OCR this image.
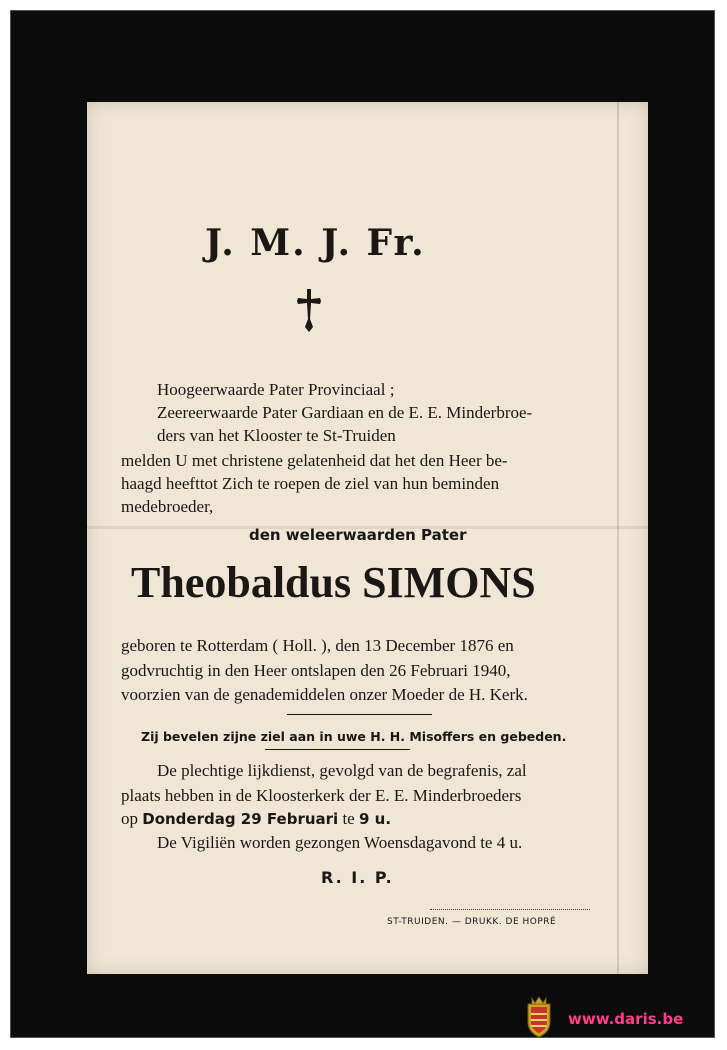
J. M. J. Fr.
Hoogeerwaarde Pater Provinciaal ;
Zeereerwaarde Pater Gardiaan en de E. E. Minderbroe-
ders van het Klooster te St-Truiden
melden U met christene gelatenheid dat het den Heer be-
haagd heefttot Zich te roepen de ziel van hun beminden
medebroeder,
den weleerwaarden Pater
Theobaldus SIMONS
geboren te Rotterdam ( Holl. ), den 13 December 1876 en
godvruchtig in den Heer ontslapen den 26 Februari 1940,
voorzien van de genademiddelen onzer Moeder de H. Kerk.
Zij bevelen zijne ziel aan in uwe H. H. Misoffers en gebeden.
De plechtige lijkdienst, gevolgd van de begrafenis, zal
plaats hebben in de Kloosterkerk der E. E. Minderbroeders
op Donderdag 29 Februari te 9 u.
De Vigiliën worden gezongen Woensdagavond te 4 u.
R. I. P.
ST-TRUIDEN. — DRUKK. DE HOPRÉ
www.daris.be
